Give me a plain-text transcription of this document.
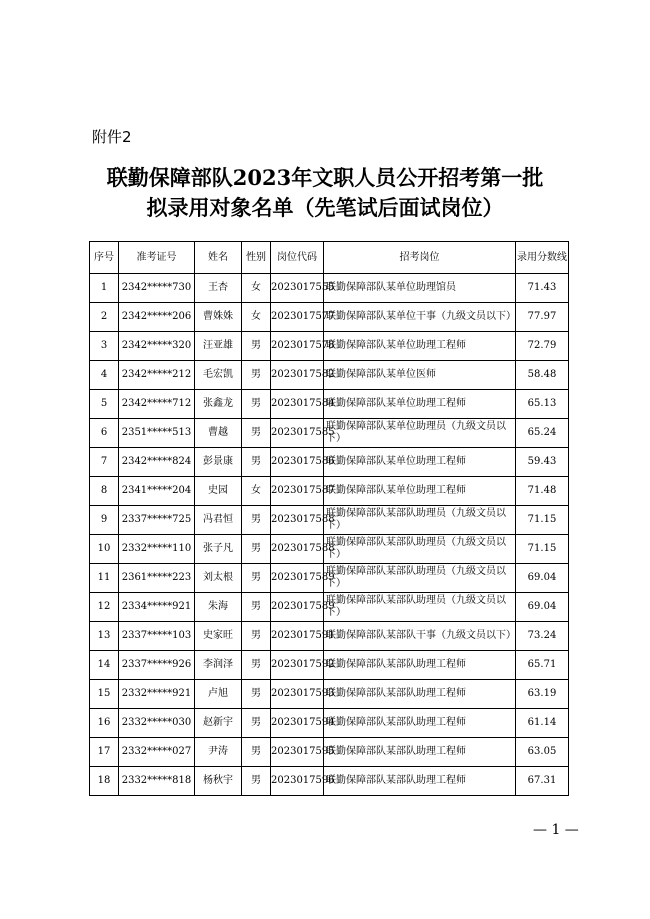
附件2
联勤保障部队2023年文职人员公开招考第一批
拟录用对象名单（先笔试后面试岗位）
序号	准考证号	姓名	性别	岗位代码	招考岗位	录用分数线
1	2342*****730	王杏	女	2023017555	联勤保障部队某单位助理馆员	71.43
2	2342*****206	曹姝姝	女	2023017577	联勤保障部队某单位干事（九级文员以下）	77.97
3	2342*****320	汪亚雄	男	2023017578	联勤保障部队某单位助理工程师	72.79
4	2342*****212	毛宏凯	男	2023017582	联勤保障部队某单位医师	58.48
5	2342*****712	张鑫龙	男	2023017584	联勤保障部队某单位助理工程师	65.13
6	2351*****513	曹越	男	2023017585	联勤保障部队某单位助理员（九级文员以下）	65.24
7	2342*****824	彭景康	男	2023017586	联勤保障部队某单位助理工程师	59.43
8	2341*****204	史园	女	2023017587	联勤保障部队某单位助理工程师	71.48
9	2337*****725	冯君恒	男	2023017588	联勤保障部队某部队助理员（九级文员以下）	71.15
10	2332*****110	张子凡	男	2023017588	联勤保障部队某部队助理员（九级文员以下）	71.15
11	2361*****223	刘太根	男	2023017589	联勤保障部队某部队助理员（九级文员以下）	69.04
12	2334*****921	朱海	男	2023017589	联勤保障部队某部队助理员（九级文员以下）	69.04
13	2337*****103	史家旺	男	2023017591	联勤保障部队某部队干事（九级文员以下）	73.24
14	2337*****926	李润泽	男	2023017592	联勤保障部队某部队助理工程师	65.71
15	2332*****921	卢旭	男	2023017593	联勤保障部队某部队助理工程师	63.19
16	2332*****030	赵新宇	男	2023017594	联勤保障部队某部队助理工程师	61.14
17	2332*****027	尹涛	男	2023017595	联勤保障部队某部队助理工程师	63.05
18	2332*****818	杨秋宇	男	2023017596	联勤保障部队某部队助理工程师	67.31
— 1 —
